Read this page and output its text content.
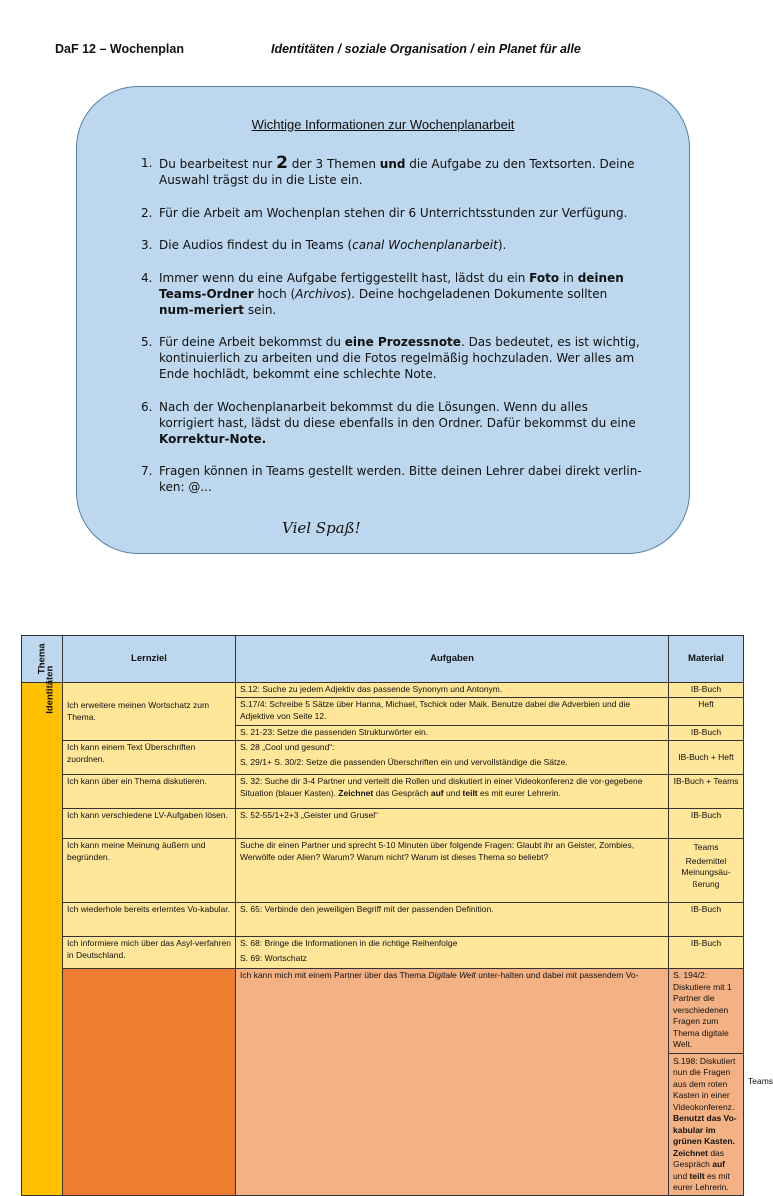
DaF 12 – Wochenplan	Identitäten / soziale Organisation / ein Planet für alle
Wichtige Informationen zur Wochenplanarbeit
1. Du bearbeitest nur 2 der 3 Themen und die Aufgabe zu den Textsorten. Deine Auswahl trägst du in die Liste ein.
2. Für die Arbeit am Wochenplan stehen dir 6 Unterrichtsstunden zur Verfügung.
3. Die Audios findest du in Teams (canal Wochenplanarbeit).
4. Immer wenn du eine Aufgabe fertiggestellt hast, lädst du ein Foto in deinen Teams-Ordner hoch (Archivos). Deine hochgeladenen Dokumente sollten num-meriert sein.
5. Für deine Arbeit bekommst du eine Prozessnote. Das bedeutet, es ist wichtig, kontinuierlich zu arbeiten und die Fotos regelmäßig hochzuladen. Wer alles am Ende hochlädt, bekommt eine schlechte Note.
6. Nach der Wochenplanarbeit bekommst du die Lösungen. Wenn du alles korrigiert hast, lädst du diese ebenfalls in den Ordner. Dafür bekommst du eine Korrektur-Note.
7. Fragen können in Teams gestellt werden. Bitte deinen Lehrer dabei direkt verlin-ken: @...
Viel Spaß!
Thema	Lernziel	Aufgaben	Material	
Identitäten	Ich erweitere meinen Wortschatz zum Thema.	S.12: Suche zu jedem Adjektiv das passende Synonym und Antonym.	IB-Buch	
		S.17/4: Schreibe 5 Sätze über Hanna, Michael, Tschick oder Maik. Benutze dabei die Adverbien und die Adjektive von Seite 12.	Heft	
		S. 21-23: Setze die passenden Strukturwörter ein.	IB-Buch	
	Ich kann einem Text Überschriften zuordnen.	S. 28 „Cool und gesund“:
S. 29/1+ S. 30/2: Setze die passenden Überschriften ein und vervollständige die Sätze.	IB-Buch + Heft	
	Ich kann über ein Thema diskutieren.	S. 32: Suche dir 3-4 Partner und verteilt die Rollen und diskutiert in einer Videokonferenz die vor-gegebene Situation (blauer Kasten). Zeichnet das Gespräch auf und teilt es mit eurer Lehrerin.	IB-Buch + Teams	
	Ich kann verschiedene LV-Aufgaben lösen.	S. 52-55/1+2+3 „Geister und Grusel“	IB-Buch	
	Ich kann meine Meinung äußern und begründen.	Suche dir einen Partner und sprecht 5-10 Minuten über folgende Fragen: Glaubt ihr an Geister, Zombies, Werwölfe oder Alien? Warum? Warum nicht? Warum ist dieses Thema so beliebt?	Teams
Redemittel Meinungsäu-ßerung	

	Ich wiederhole bereits erlerntes Vo-kabular.	S. 65: Verbinde den jeweiligen Begriff mit der passenden Definition.	IB-Buch	
	Ich informiere mich über das Asyl-verfahren in Deutschland.	S. 68: Bringe die Informationen in die richtige Reihenfolge
S. 69: Wortschatz	IB-Buch	
		Ich kann mich mit einem Partner über das Thema Digitale Welt unter-halten und dabei mit passendem Vo-	S. 194/2: Diskutiere mit 1 Partner die verschiedenen Fragen zum Thema digitale Welt.
S.198: Diskutiert nun die Fragen aus dem roten Kasten in einer Videokonferenz. Benutzt das Vo-kabular im grünen Kasten. Zeichnet das Gespräch auf und teilt es mit eurer Lehrerin.	Teams
